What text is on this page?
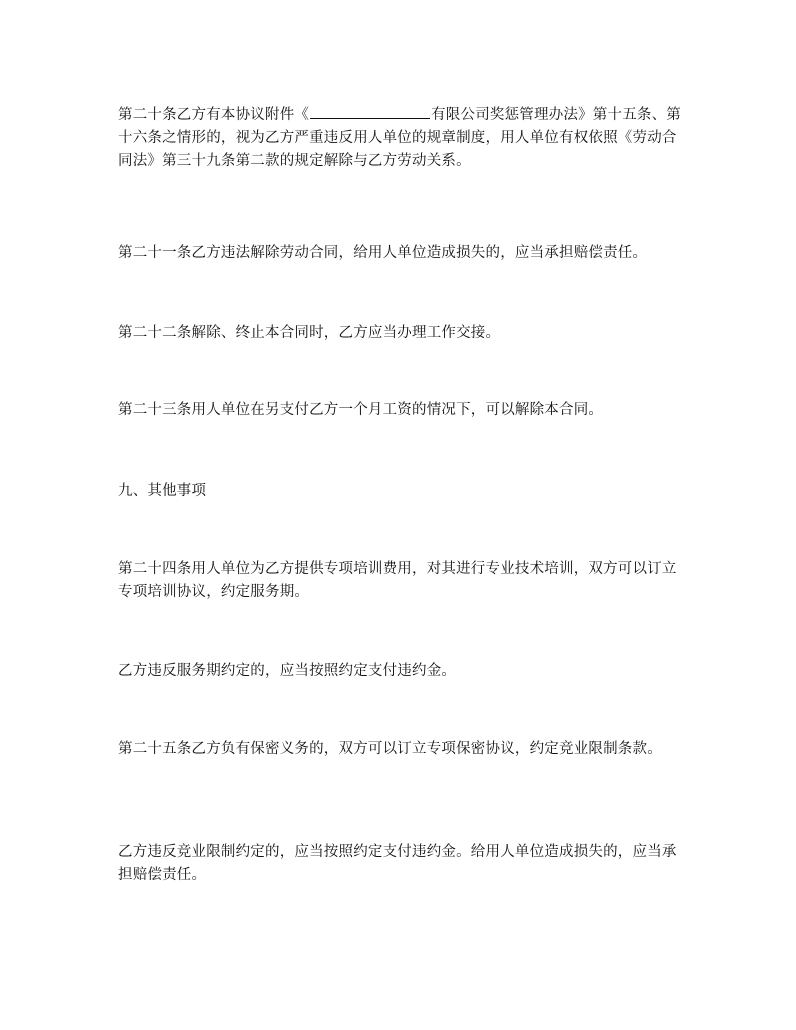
第二十条乙方有本协议附件《	有限公司奖惩管理办法》第十五条、第十六条之情形的，视为乙方严重违反用人单位的规章制度，用人单位有权依照《劳动合同法》第三十九条第二款的规定解除与乙方劳动关系。

第二十一条乙方违法解除劳动合同，给用人单位造成损失的，应当承担赔偿责任。

第二十二条解除、终止本合同时，乙方应当办理工作交接。

第二十三条用人单位在另支付乙方一个月工资的情况下，可以解除本合同。

九、其他事项

第二十四条用人单位为乙方提供专项培训费用，对其进行专业技术培训，双方可以订立专项培训协议，约定服务期。

乙方违反服务期约定的，应当按照约定支付违约金。

第二十五条乙方负有保密义务的，双方可以订立专项保密协议，约定竞业限制条款。

乙方违反竞业限制约定的，应当按照约定支付违约金。给用人单位造成损失的，应当承担赔偿责任。
